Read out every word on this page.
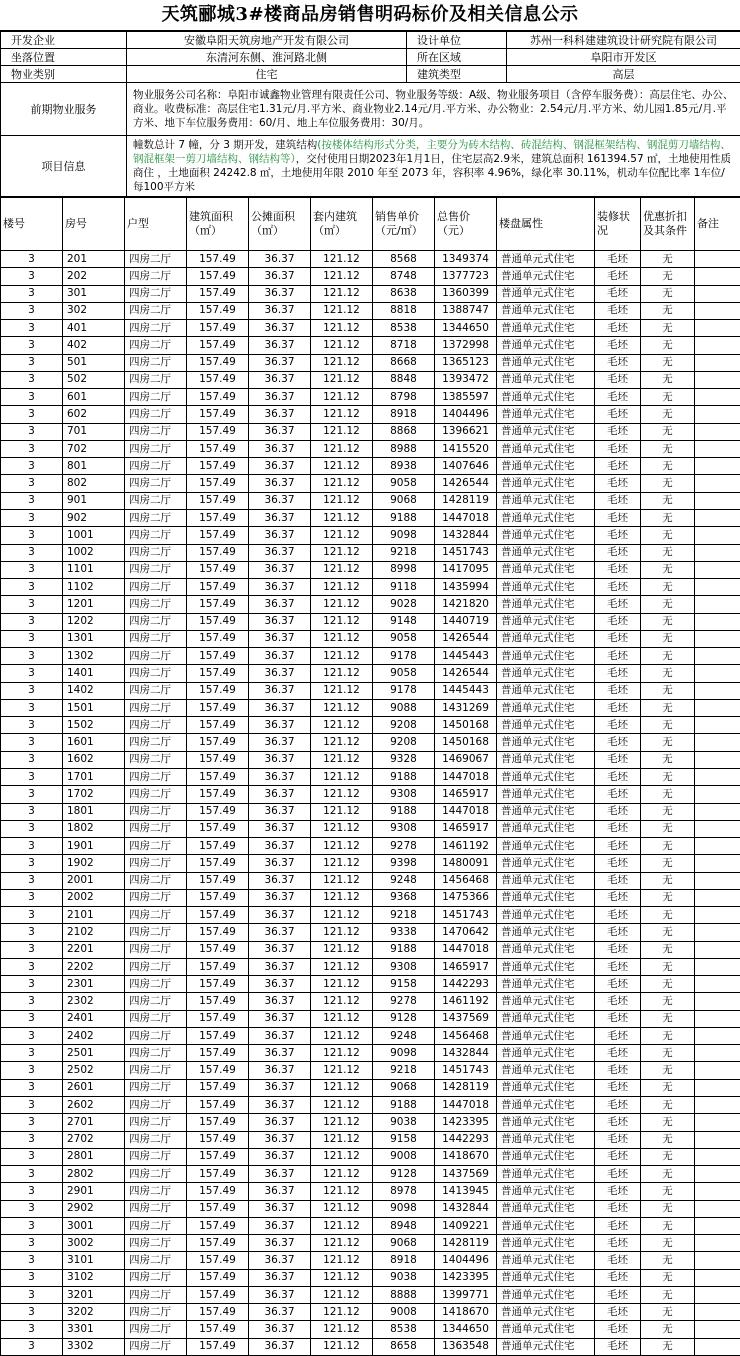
天筑郦城3#楼商品房销售明码标价及相关信息公示
开发企业	安徽阜阳天筑房地产开发有限公司	设计单位	苏州一科科建建筑设计研究院有限公司
坐落位置	东清河东侧、淮河路北侧	所在区域	阜阳市开发区
物业类别	住宅	建筑类型	高层
前期物业服务	物业服务公司名称：阜阳市诚鑫物业管理有限责任公司、物业服务等级：A级、物业服务项目（含停车服务费）：高层住宅、办公、商业。收费标准：高层住宅1.31元/月.平方米、商业物业2.14元/月.平方米、办公物业：2.54元/月.平方米、幼儿园1.85元/月.平方米、地下车位服务费用：60/月、地上车位服务费用：30/月。		
项目信息	幢数总计 7 幢，分 3 期开发，建筑结构(按楼体结构形式分类，主要分为砖木结构、砖混结构、钢混框架结构、钢混剪刀墙结构、钢混框架一剪刀墙结构、钢结构等），交付使用日期2023年1月1日，住宅层高2.9米，建筑总面积 161394.57 ㎡，土地使用性质 商住 ，土地面积 24242.8 ㎡，土地使用年限 2010 年至 2073 年，容积率 4.96%，绿化率 30.11%，机动车位配比率 1车位/每100平方米		
楼号	房号	户型	建筑面积（㎡）	公摊面积（㎡）	套内建筑（㎡）	销售单价（元/㎡）	总售价（元）	楼盘属性	装修状况	优惠折扣及其条件	备注
3	201	四房二厅	157.49	36.37	121.12	8568	1349374	普通单元式住宅	毛坯	无	
3	202	四房二厅	157.49	36.37	121.12	8748	1377723	普通单元式住宅	毛坯	无	
3	301	四房二厅	157.49	36.37	121.12	8638	1360399	普通单元式住宅	毛坯	无	
3	302	四房二厅	157.49	36.37	121.12	8818	1388747	普通单元式住宅	毛坯	无	
3	401	四房二厅	157.49	36.37	121.12	8538	1344650	普通单元式住宅	毛坯	无	
3	402	四房二厅	157.49	36.37	121.12	8718	1372998	普通单元式住宅	毛坯	无	
3	501	四房二厅	157.49	36.37	121.12	8668	1365123	普通单元式住宅	毛坯	无	
3	502	四房二厅	157.49	36.37	121.12	8848	1393472	普通单元式住宅	毛坯	无	
3	601	四房二厅	157.49	36.37	121.12	8798	1385597	普通单元式住宅	毛坯	无	
3	602	四房二厅	157.49	36.37	121.12	8918	1404496	普通单元式住宅	毛坯	无	
3	701	四房二厅	157.49	36.37	121.12	8868	1396621	普通单元式住宅	毛坯	无	
3	702	四房二厅	157.49	36.37	121.12	8988	1415520	普通单元式住宅	毛坯	无	
3	801	四房二厅	157.49	36.37	121.12	8938	1407646	普通单元式住宅	毛坯	无	
3	802	四房二厅	157.49	36.37	121.12	9058	1426544	普通单元式住宅	毛坯	无	
3	901	四房二厅	157.49	36.37	121.12	9068	1428119	普通单元式住宅	毛坯	无	
3	902	四房二厅	157.49	36.37	121.12	9188	1447018	普通单元式住宅	毛坯	无	
3	1001	四房二厅	157.49	36.37	121.12	9098	1432844	普通单元式住宅	毛坯	无	
3	1002	四房二厅	157.49	36.37	121.12	9218	1451743	普通单元式住宅	毛坯	无	
3	1101	四房二厅	157.49	36.37	121.12	8998	1417095	普通单元式住宅	毛坯	无	
3	1102	四房二厅	157.49	36.37	121.12	9118	1435994	普通单元式住宅	毛坯	无	
3	1201	四房二厅	157.49	36.37	121.12	9028	1421820	普通单元式住宅	毛坯	无	
3	1202	四房二厅	157.49	36.37	121.12	9148	1440719	普通单元式住宅	毛坯	无	
3	1301	四房二厅	157.49	36.37	121.12	9058	1426544	普通单元式住宅	毛坯	无	
3	1302	四房二厅	157.49	36.37	121.12	9178	1445443	普通单元式住宅	毛坯	无	
3	1401	四房二厅	157.49	36.37	121.12	9058	1426544	普通单元式住宅	毛坯	无	
3	1402	四房二厅	157.49	36.37	121.12	9178	1445443	普通单元式住宅	毛坯	无	
3	1501	四房二厅	157.49	36.37	121.12	9088	1431269	普通单元式住宅	毛坯	无	
3	1502	四房二厅	157.49	36.37	121.12	9208	1450168	普通单元式住宅	毛坯	无	
3	1601	四房二厅	157.49	36.37	121.12	9208	1450168	普通单元式住宅	毛坯	无	
3	1602	四房二厅	157.49	36.37	121.12	9328	1469067	普通单元式住宅	毛坯	无	
3	1701	四房二厅	157.49	36.37	121.12	9188	1447018	普通单元式住宅	毛坯	无	
3	1702	四房二厅	157.49	36.37	121.12	9308	1465917	普通单元式住宅	毛坯	无	
3	1801	四房二厅	157.49	36.37	121.12	9188	1447018	普通单元式住宅	毛坯	无	
3	1802	四房二厅	157.49	36.37	121.12	9308	1465917	普通单元式住宅	毛坯	无	
3	1901	四房二厅	157.49	36.37	121.12	9278	1461192	普通单元式住宅	毛坯	无	
3	1902	四房二厅	157.49	36.37	121.12	9398	1480091	普通单元式住宅	毛坯	无	
3	2001	四房二厅	157.49	36.37	121.12	9248	1456468	普通单元式住宅	毛坯	无	
3	2002	四房二厅	157.49	36.37	121.12	9368	1475366	普通单元式住宅	毛坯	无	
3	2101	四房二厅	157.49	36.37	121.12	9218	1451743	普通单元式住宅	毛坯	无	
3	2102	四房二厅	157.49	36.37	121.12	9338	1470642	普通单元式住宅	毛坯	无	
3	2201	四房二厅	157.49	36.37	121.12	9188	1447018	普通单元式住宅	毛坯	无	
3	2202	四房二厅	157.49	36.37	121.12	9308	1465917	普通单元式住宅	毛坯	无	
3	2301	四房二厅	157.49	36.37	121.12	9158	1442293	普通单元式住宅	毛坯	无	
3	2302	四房二厅	157.49	36.37	121.12	9278	1461192	普通单元式住宅	毛坯	无	
3	2401	四房二厅	157.49	36.37	121.12	9128	1437569	普通单元式住宅	毛坯	无	
3	2402	四房二厅	157.49	36.37	121.12	9248	1456468	普通单元式住宅	毛坯	无	
3	2501	四房二厅	157.49	36.37	121.12	9098	1432844	普通单元式住宅	毛坯	无	
3	2502	四房二厅	157.49	36.37	121.12	9218	1451743	普通单元式住宅	毛坯	无	
3	2601	四房二厅	157.49	36.37	121.12	9068	1428119	普通单元式住宅	毛坯	无	
3	2602	四房二厅	157.49	36.37	121.12	9188	1447018	普通单元式住宅	毛坯	无	
3	2701	四房二厅	157.49	36.37	121.12	9038	1423395	普通单元式住宅	毛坯	无	
3	2702	四房二厅	157.49	36.37	121.12	9158	1442293	普通单元式住宅	毛坯	无	
3	2801	四房二厅	157.49	36.37	121.12	9008	1418670	普通单元式住宅	毛坯	无	
3	2802	四房二厅	157.49	36.37	121.12	9128	1437569	普通单元式住宅	毛坯	无	
3	2901	四房二厅	157.49	36.37	121.12	8978	1413945	普通单元式住宅	毛坯	无	
3	2902	四房二厅	157.49	36.37	121.12	9098	1432844	普通单元式住宅	毛坯	无	
3	3001	四房二厅	157.49	36.37	121.12	8948	1409221	普通单元式住宅	毛坯	无	
3	3002	四房二厅	157.49	36.37	121.12	9068	1428119	普通单元式住宅	毛坯	无	
3	3101	四房二厅	157.49	36.37	121.12	8918	1404496	普通单元式住宅	毛坯	无	
3	3102	四房二厅	157.49	36.37	121.12	9038	1423395	普通单元式住宅	毛坯	无	
3	3201	四房二厅	157.49	36.37	121.12	8888	1399771	普通单元式住宅	毛坯	无	
3	3202	四房二厅	157.49	36.37	121.12	9008	1418670	普通单元式住宅	毛坯	无	
3	3301	四房二厅	157.49	36.37	121.12	8538	1344650	普通单元式住宅	毛坯	无	
3	3302	四房二厅	157.49	36.37	121.12	8658	1363548	普通单元式住宅	毛坯	无	
